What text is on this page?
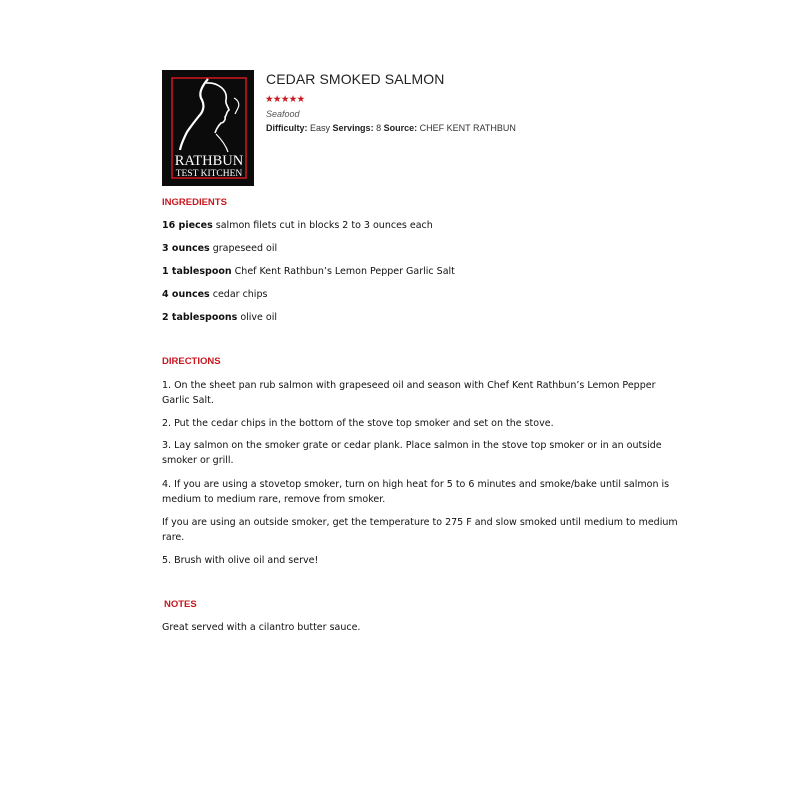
RATHBUN
TEST KITCHEN
CEDAR SMOKED SALMON
★★★★★
Seafood
Difficulty: Easy Servings: 8 Source: CHEF KENT RATHBUN
INGREDIENTS
16 pieces salmon filets cut in blocks 2 to 3 ounces each
3 ounces grapeseed oil
1 tablespoon Chef Kent Rathbun’s Lemon Pepper Garlic Salt
4 ounces cedar chips
2 tablespoons olive oil
DIRECTIONS
1. On the sheet pan rub salmon with grapeseed oil and season with Chef Kent Rathbun’s Lemon Pepper Garlic Salt.
2. Put the cedar chips in the bottom of the stove top smoker and set on the stove.
3. Lay salmon on the smoker grate or cedar plank. Place salmon in the stove top smoker or in an outside smoker or grill.
4. If you are using a stovetop smoker, turn on high heat for 5 to 6 minutes and smoke/bake until salmon is medium to medium rare, remove from smoker.
If you are using an outside smoker, get the temperature to 275 F and slow smoked until medium to medium rare.
5. Brush with olive oil and serve!
NOTES
Great served with a cilantro butter sauce.
